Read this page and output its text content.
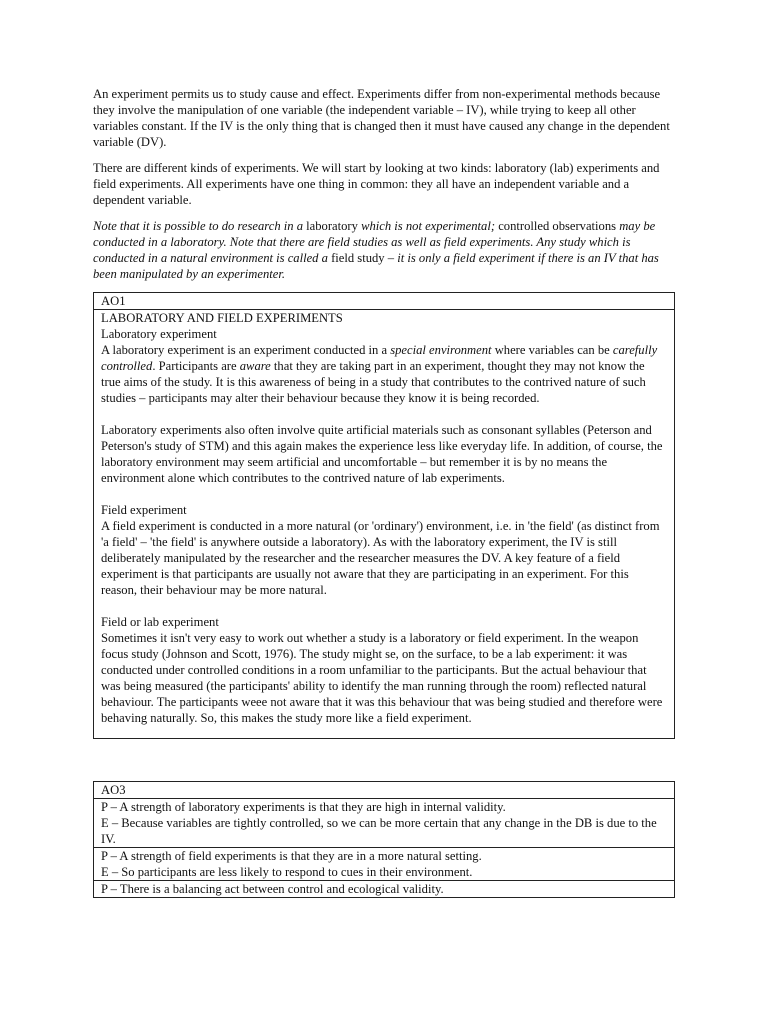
An experiment permits us to study cause and effect. Experiments differ from non-experimental methods because they involve the manipulation of one variable (the independent variable – IV), while trying to keep all other variables constant. If the IV is the only thing that is changed then it must have caused any change in the dependent variable (DV).

There are different kinds of experiments. We will start by looking at two kinds: laboratory (lab) experiments and field experiments. All experiments have one thing in common: they all have an independent variable and a dependent variable.

Note that it is possible to do research in a laboratory which is not experimental; controlled observations may be conducted in a laboratory. Note that there are field studies as well as field experiments. Any study which is conducted in a natural environment is called a field study – it is only a field experiment if there is an IV that has been manipulated by an experimenter.

AO1
LABORATORY AND FIELD EXPERIMENTS
Laboratory experiment
A laboratory experiment is an experiment conducted in a special environment where variables can be carefully controlled. Participants are aware that they are taking part in an experiment, thought they may not know the true aims of the study. It is this awareness of being in a study that contributes to the contrived nature of such studies – participants may alter their behaviour because they know it is being recorded.
Laboratory experiments also often involve quite artificial materials such as consonant syllables (Peterson and Peterson's study of STM) and this again makes the experience less like everyday life. In addition, of course, the laboratory environment may seem artificial and uncomfortable – but remember it is by no means the environment alone which contributes to the contrived nature of lab experiments.
Field experiment
A field experiment is conducted in a more natural (or 'ordinary') environment, i.e. in 'the field' (as distinct from 'a field' – 'the field' is anywhere outside a laboratory). As with the laboratory experiment, the IV is still deliberately manipulated by the researcher and the researcher measures the DV. A key feature of a field experiment is that participants are usually not aware that they are participating in an experiment. For this reason, their behaviour may be more natural.
Field or lab experiment
Sometimes it isn't very easy to work out whether a study is a laboratory or field experiment. In the weapon focus study (Johnson and Scott, 1976). The study might se, on the surface, to be a lab experiment: it was conducted under controlled conditions in a room unfamiliar to the participants. But the actual behaviour that was being measured (the participants' ability to identify the man running through the room) reflected natural behaviour. The participants weee not aware that it was this behaviour that was being studied and therefore were behaving naturally. So, this makes the study more like a field experiment.
AO3
P – A strength of laboratory experiments is that they are high in internal validity.
E – Because variables are tightly controlled, so we can be more certain that any change in the DB is due to the IV.
P – A strength of field experiments is that they are in a more natural setting.
E – So participants are less likely to respond to cues in their environment.
P – There is a balancing act between control and ecological validity.
